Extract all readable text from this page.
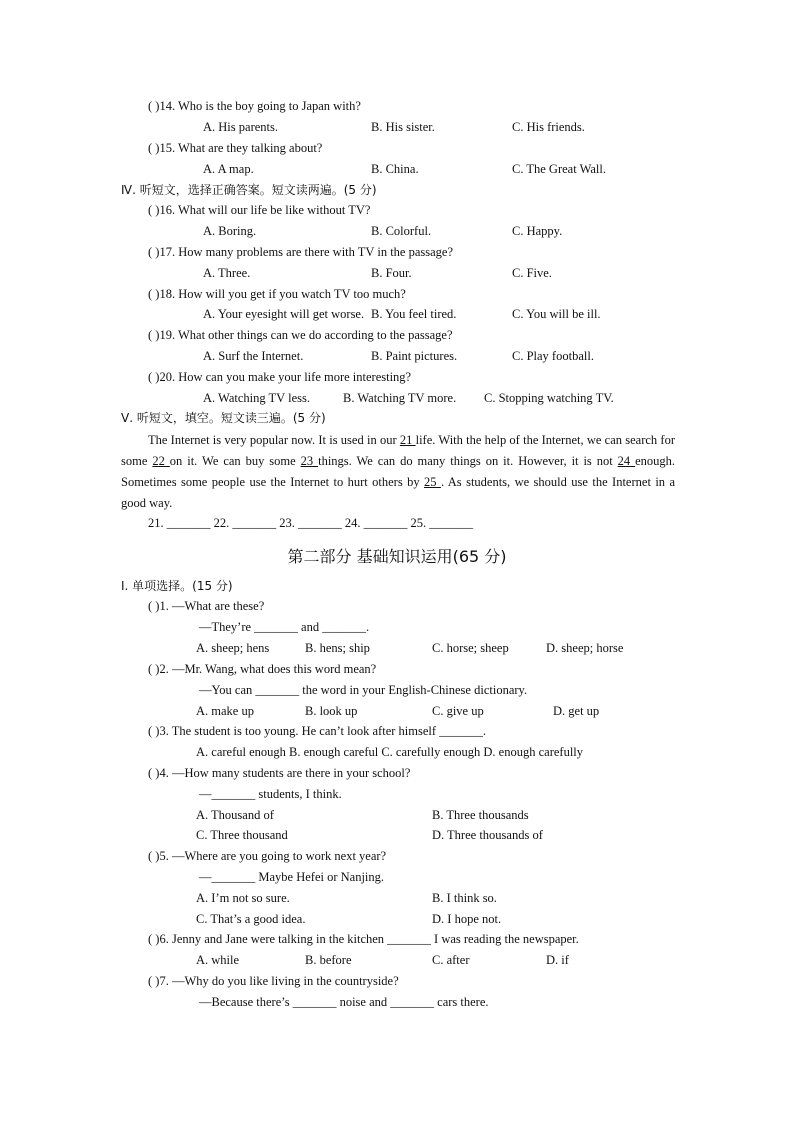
( )14. Who is the boy going to Japan with?
A. His parents.	B. His sister.	C. His friends.
( )15. What are they talking about?
A. A map.	B. China.	C. The Great Wall.
Ⅳ. 听短文，选择正确答案。短文读两遍。(5 分)
( )16. What will our life be like without TV?
A. Boring.	B. Colorful.	C. Happy.
( )17. How many problems are there with TV in the passage?
A. Three.	B. Four.	C. Five.
( )18. How will you get if you watch TV too much?
A. Your eyesight will get worse. B. You feel tired.	C. You will be ill.
( )19. What other things can we do according to the passage?
A. Surf the Internet.	B. Paint pictures.	C. Play football.
( )20. How can you make your life more interesting?
A. Watching TV less.	B. Watching TV more. C. Stopping watching TV.
Ⅴ. 听短文，填空。短文读三遍。(5 分)
21. _______ 22. _______ 23. _______ 24. _______ 25. _______
Ⅰ. 单项选择。(15 分)
( )1. —What are these?
—They’re _______ and _______.
A. sheep; hens	B. hens; ship	C. horse; sheep	D. sheep; horse
( )2. —Mr. Wang, what does this word mean?
—You can _______ the word in your English-Chinese dictionary.
A. make up	B. look up	C. give up	D. get up
( )3. The student is too young. He can’t look after himself _______.
A. careful enough B. enough careful C. carefully enough D. enough carefully
( )4. —How many students are there in your school?
—_______ students, I think.
A. Thousand of	B. Three thousands
C. Three thousand	D. Three thousands of
( )5. —Where are you going to work next year?
—_______ Maybe Hefei or Nanjing.
A. I’m not so sure.	B. I think so.
C. That’s a good idea.	D. I hope not.
( )6. Jenny and Jane were talking in the kitchen _______ I was reading the newspaper.
A. while	B. before	C. after	D. if
( )7. —Why do you like living in the countryside?
—Because there’s _______ noise and _______ cars there.
The Internet is very popular now. It is used in our 21 life. With the help of the Internet, we can search for some 22 on it. We can buy some 23 things. We can do many things on it. However, it is not 24 enough. Sometimes some people use the Internet to hurt others by 25 . As students, we should use the Internet in a good way.
第二部分 基础知识运用(65 分)
